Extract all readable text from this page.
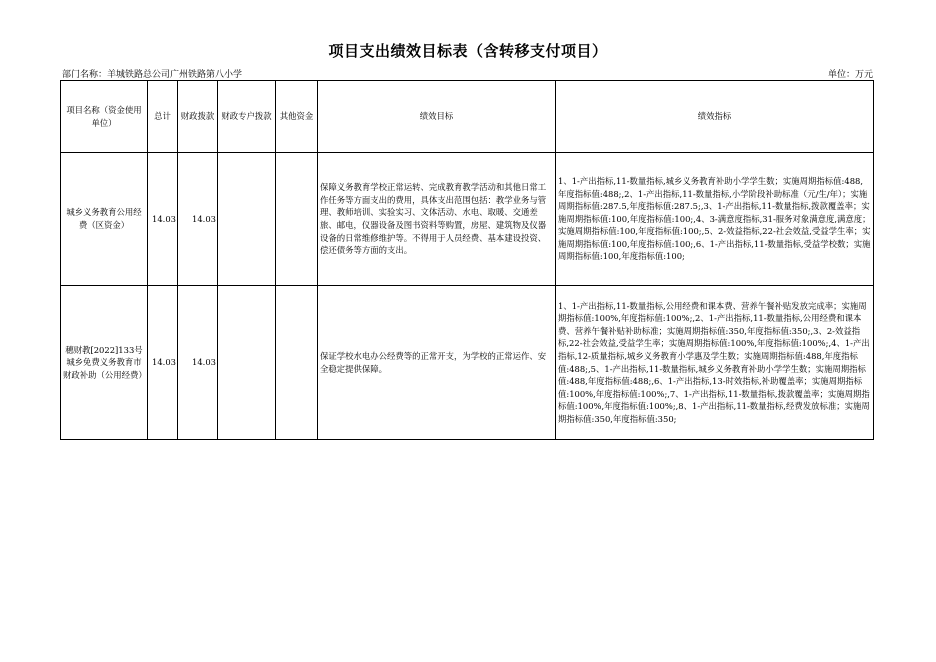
项目支出绩效目标表（含转移支付项目）
部门名称：羊城铁路总公司广州铁路第八小学	单位：万元
项目名称（资金使用单位）	总计	财政拨款	财政专户拨款	其他资金	绩效目标	绩效指标
城乡义务教育公用经费（区资金）	14.03	14.03			保障义务教育学校正常运转、完成教育教学活动和其他日常工作任务等方面支出的费用，具体支出范围包括：教学业务与管理、教师培训、实验实习、文体活动、水电、取暖、交通差旅、邮电，仪器设备及图书资料等购置，房屋、建筑物及仪器设备的日常维修维护等。不得用于人员经费、基本建设投资、偿还债务等方面的支出。	1、1-产出指标,11-数量指标,城乡义务教育补助小学学生数；实施周期指标值:488,年度指标值:488;,2、1-产出指标,11-数量指标,小学阶段补助标准（元/生/年）；实施周期指标值:287.5,年度指标值:287.5;,3、1-产出指标,11-数量指标,拨款覆盖率；实施周期指标值:100,年度指标值:100;,4、3-满意度指标,31-服务对象满意度,满意度；实施周期指标值:100,年度指标值:100;,5、2-效益指标,22-社会效益,受益学生率；实施周期指标值:100,年度指标值:100;,6、1-产出指标,11-数量指标,受益学校数；实施周期指标值:100,年度指标值:100;
穗财教[2022]133号城乡免费义务教育市财政补助（公用经费）	14.03	14.03			保证学校水电办公经费等的正常开支，为学校的正常运作、安全稳定提供保障。	1、1-产出指标,11-数量指标,公用经费和课本费、营养午餐补贴发放完成率；实施周期指标值:100%,年度指标值:100%;,2、1-产出指标,11-数量指标,公用经费和课本费、营养午餐补贴补助标准；实施周期指标值:350,年度指标值:350;,3、2-效益指标,22-社会效益,受益学生率；实施周期指标值:100%,年度指标值:100%;,4、1-产出指标,12-质量指标,城乡义务教育小学惠及学生数；实施周期指标值:488,年度指标值:488;,5、1-产出指标,11-数量指标,城乡义务教育补助小学学生数；实施周期指标值:488,年度指标值:488;,6、1-产出指标,13-时效指标,补助覆盖率；实施周期指标值:100%,年度指标值:100%;,7、1-产出指标,11-数量指标,拨款覆盖率；实施周期指标值:100%,年度指标值:100%;,8、1-产出指标,11-数量指标,经费发放标准；实施周期指标值:350,年度指标值:350;
